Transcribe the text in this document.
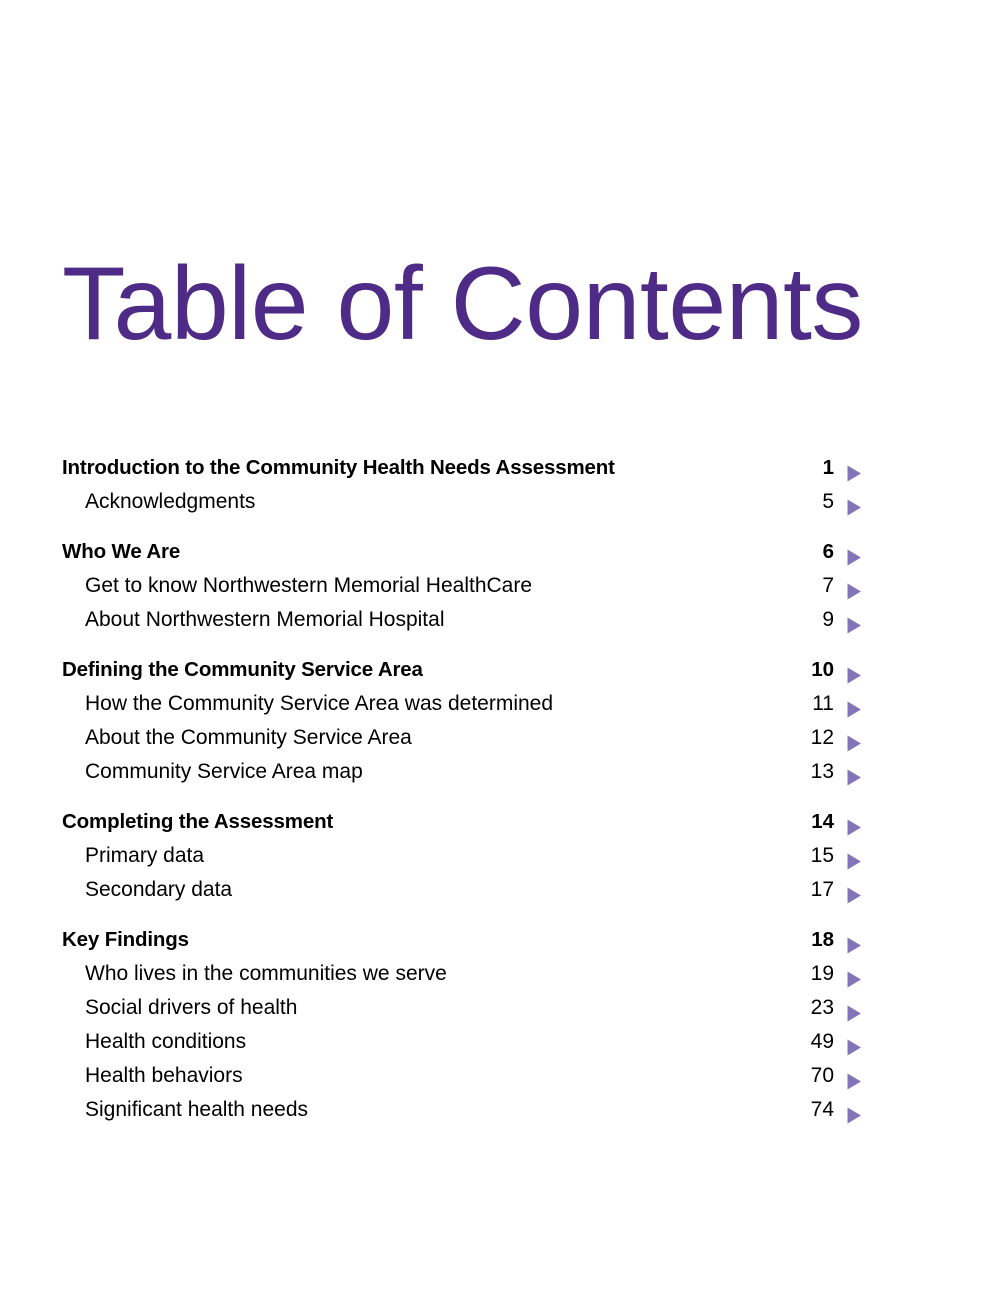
Table of Contents
Introduction to the Community Health Needs Assessment	1
Acknowledgments	5
Who We Are	6
Get to know Northwestern Memorial HealthCare	7
About Northwestern Memorial Hospital	9
Defining the Community Service Area	10
How the Community Service Area was determined	11
About the Community Service Area	12
Community Service Area map	13
Completing the Assessment	14
Primary data	15
Secondary data	17
Key Findings	18
Who lives in the communities we serve	19
Social drivers of health	23
Health conditions	49
Health behaviors	70
Significant health needs	74
